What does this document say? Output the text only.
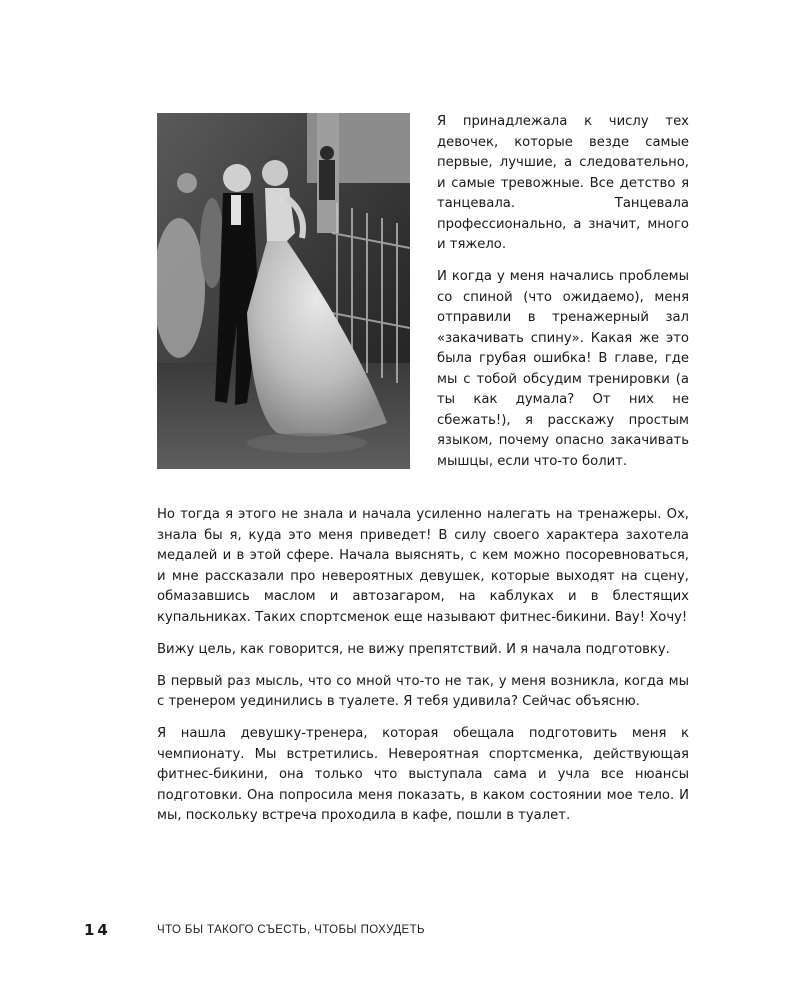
Я принадлежала к числу тех девочек, которые везде самые первые, лучшие, а следовательно, и самые тревожные. Все детство я танцевала. Танцевала профессионально, а значит, много и тяжело.

И когда у меня начались проблемы со спиной (что ожидаемо), меня отправили в тренажерный зал «закачивать спину». Какая же это была грубая ошибка! В главе, где мы с тобой обсудим тренировки (а ты как думала? От них не сбежать!), я расскажу простым языком, почему опасно закачивать мышцы, если что-то болит.

Но тогда я этого не знала и начала усиленно налегать на тренажеры. Ох, знала бы я, куда это меня приведет! В силу своего характера захотела медалей и в этой сфере. Начала выяснять, с кем можно посоревноваться, и мне рассказали про невероятных девушек, которые выходят на сцену, обмазавшись маслом и автозагаром, на каблуках и в блестящих купальниках. Таких спортсменок еще называют фитнес-бикини. Вау! Хочу!

Вижу цель, как говорится, не вижу препятствий. И я начала подготовку.

В первый раз мысль, что со мной что-то не так, у меня возникла, когда мы с тренером уединились в туалете. Я тебя удивила? Сейчас объясню.

Я нашла девушку-тренера, которая обещала подготовить меня к чемпионату. Мы встретились. Невероятная спортсменка, действующая фитнес-бикини, она только что выступала сама и учла все нюансы подготовки. Она попросила меня показать, в каком состоянии мое тело. И мы, поскольку встреча проходила в кафе, пошли в туалет.

14	ЧТО БЫ ТАКОГО СЪЕСТЬ, ЧТОБЫ ПОХУДЕТЬ
